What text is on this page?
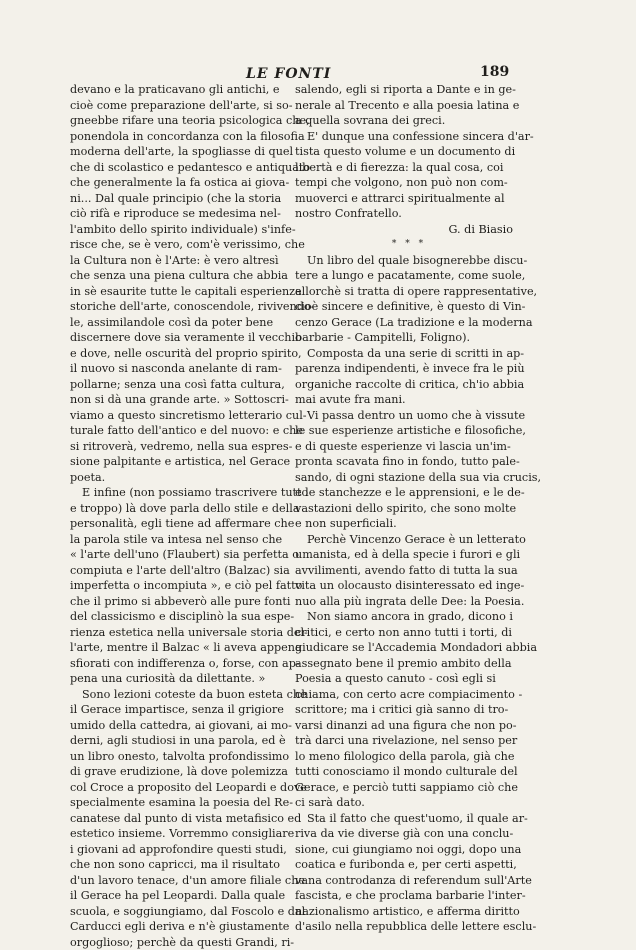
LE FONTI	189
devano e la praticavano gli antichi, e
cioè come preparazione dell'arte, si so-
gneebbe rifare una teoria psicologica che,
ponendola in concordanza con la filosofia
moderna dell'arte, la spogliasse di quel
che di scolastico e pedantesco e antiquato
che generalmente la fa ostica ai giova-
ni... Dal quale principio (che la storia
ciò rifà e riproduce se medesima nel-
l'ambito dello spirito individuale) s'infe-
risce che, se è vero, com'è verissimo, che
la Cultura non è l'Arte: è vero altresì
che senza una piena cultura che abbia
in sè esaurite tutte le capitali esperienze
storiche dell'arte, conoscendole, rivivendo-
le, assimilandole così da poter bene
discernere dove sia veramente il vecchio
e dove, nelle oscurità del proprio spirito,
il nuovo si nasconda anelante di ram-
pollarne; senza una così fatta cultura,
non si dà una grande arte. » Sottoscri-
viamo a questo sincretismo letterario cul-
turale fatto dell'antico e del nuovo: e che
si ritroverà, vedremo, nella sua espres-
sione palpitante e artistica, nel Gerace
poeta.
E infine (non possiamo trascrivere tutto
e troppo) là dove parla dello stile e della
personalità, egli tiene ad affermare che
la parola stile va intesa nel senso che
« l'arte dell'uno (Flaubert) sia perfetta o
compiuta e l'arte dell'altro (Balzac) sia
imperfetta o incompiuta », e ciò pel fatto
che il primo si abbeverò alle pure fonti
del classicismo e disciplinò la sua espe-
rienza estetica nella universale storia del-
l'arte, mentre il Balzac « li aveva appena
sfiorati con indifferenza o, forse, con ap-
pena una curiosità da dilettante. »
Sono lezioni coteste da buon esteta che
il Gerace impartisce, senza il grigiore
umido della cattedra, ai giovani, ai mo-
derni, agli studiosi in una parola, ed è
un libro onesto, talvolta profondissimo
di grave erudizione, là dove polemizza
col Croce a proposito del Leopardi e dove
specialmente esamina la poesia del Re-
canatese dal punto di vista metafisico ed
estetico insieme. Vorremmo consigliare
i giovani ad approfondire questi studi,
che non sono capricci, ma il risultato
d'un lavoro tenace, d'un amore filiale che
il Gerace ha pel Leopardi. Dalla quale
scuola, e soggiungiamo, dal Foscolo e dal
Carducci egli deriva e n'è giustamente
orgoglioso; perchè da questi Grandi, ri-
salendo, egli si riporta a Dante e in ge-
nerale al Trecento e alla poesia latina e
a quella sovrana dei greci.
E' dunque una confessione sincera d'ar-
tista questo volume e un documento di
libertà e di fierezza: la qual cosa, coi
tempi che volgono, non può non com-
muoverci e attrarci spiritualmente al
nostro Confratello.
G. di Biasio
* * *
Un libro del quale bisognerebbe discu-
tere a lungo e pacatamente, come suole,
allorchè si tratta di opere rappresentative,
cioè sincere e definitive, è questo di Vin-
cenzo Gerace (La tradizione e la moderna
barbarie - Campitelli, Foligno).
Composta da una serie di scritti in ap-
parenza indipendenti, è invece fra le più
organiche raccolte di critica, ch'io abbia
mai avute fra mani.
Vi passa dentro un uomo che à vissute
le sue esperienze artistiche e filosofiche,
e di queste esperienze vi lascia un'im-
pronta scavata fino in fondo, tutto pale-
sando, di ogni stazione della sua via crucis,
e le stanchezze e le apprensioni, e le de-
vastazioni dello spirito, che sono molte
e non superficiali.
Perchè Vincenzo Gerace è un letterato
umanista, ed à della specie i furori e gli
avvilimenti, avendo fatto di tutta la sua
vita un olocausto disinteressato ed inge-
nuo alla più ingrata delle Dee: la Poesia.
Non siamo ancora in grado, dicono i
critici, e certo non anno tutti i torti, di
giudicare se l'Accademia Mondadori abbia
assegnato bene il premio ambito della
Poesia a questo canuto - così egli si
chiama, con certo acre compiacimento -
scrittore; ma i critici già sanno di tro-
varsi dinanzi ad una figura che non po-
trà darci una rivelazione, nel senso per
lo meno filologico della parola, già che
tutti conosciamo il mondo culturale del
Gerace, e perciò tutti sappiamo ciò che
ci sarà dato.
Sta il fatto che quest'uomo, il quale ar-
riva da vie diverse già con una conclu-
sione, cui giungiamo noi oggi, dopo una
coatica e furibonda e, per certi aspetti,
vana controdanza di referendum sull'Arte
fascista, e che proclama barbarie l'inter-
nazionalismo artistico, e afferma diritto
d'asilo nella repubblica delle lettere esclu-
